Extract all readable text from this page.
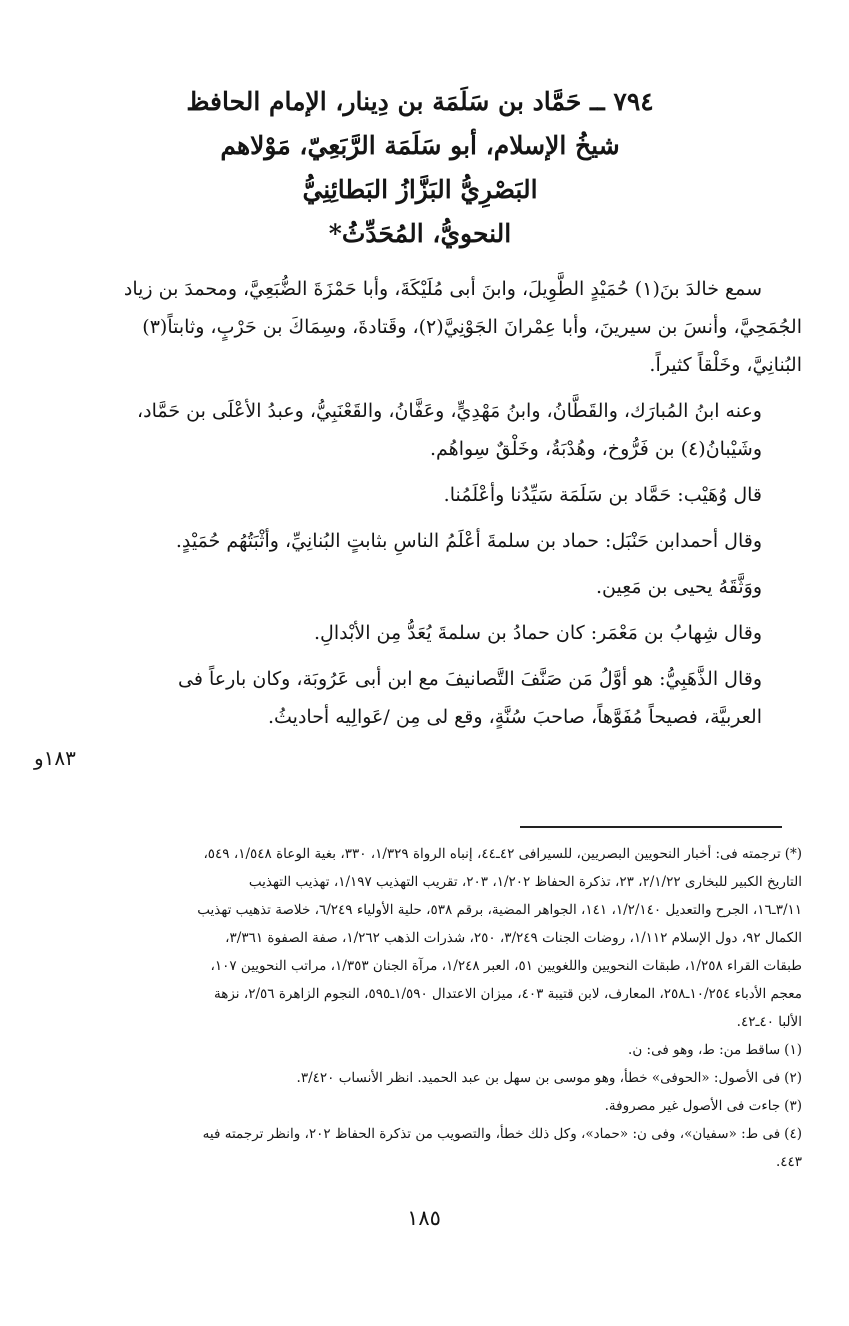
٧٩٤ ــ حَمَّاد بن سَلَمَة بن دِينار، الإمام الحافظ
شيخُ الإسلام، أبو سَلَمَة الرَّبَعِيّ، مَوْلاهم
البَصْرِيُّ البَزَّازُ البَطائِنِيُّ
النحويُّ، المُحَدِّثُ*
سمع خالدَ بنَ(١) حُمَيْدٍ الطَّوِيلَ، وابنَ أبى مُلَيْكَةَ، وأبا حَمْزَةَ الضُّبَعِيَّ، ومحمدَ بن زياد
الجُمَحِيَّ، وأنسَ بن سيرينَ، وأبا عِمْرانَ الجَوْنِيَّ(٢)، وقَتادةَ، وسِمَاكَ بن حَرْبٍ، وثابتاً(٣)
البُنانِيَّ، وخَلْقاً كثيراً.
وعنه ابنُ المُبارَك، والقَطَّانُ، وابنُ مَهْدِيٍّ، وعَفَّانُ، والقَعْنَبِيُّ، وعبدُ الأعْلَى بن حَمَّاد،
وشَيْبانُ(٤) بن فَرُّوخ، وهُدْبَةُ، وخَلْقٌ سِواهُم.
قال وُهَيْب: حَمَّاد بن سَلَمَة سَيِّدُنا وأعْلَمُنا.
وقال أحمدابن حَنْبَل: حماد بن سلمةَ أعْلَمُ الناسِ بثابتٍ البُنانِيِّ، وأثْبَتُهُم حُمَيْدٍ.
ووَثَّقَهُ يحيى بن مَعِين.
وقال شِهابُ بن مَعْمَر: كان حمادُ بن سلمةَ يُعَدُّ مِن الأبْدالِ.
وقال الذَّهَبِيُّ: هو أوَّلُ مَن صَنَّفَ التَّصانيفَ مع ابن أبى عَرُوبَة، وكان بارعاً فى
العربيَّة، فصيحاً مُفَوَّهاً، صاحبَ سُنَّةٍ، وقع لى مِن /عَوالِيه أحاديثُ.
١٨٣و
(*)ترجمته فى: أخبار النحويين البصريين، للسيرافى ٤٢ـ٤٤، إنباه الرواة ١/٣٢٩، ٣٣٠، بغية الوعاة ١/٥٤٨، ٥٤٩،
التاريخ الكبير للبخارى ٢/١/٢٢، ٢٣، تذكرة الحفاظ ١/٢٠٢، ٢٠٣، تقريب التهذيب ١/١٩٧، تهذيب التهذيب
٣/١١ـ١٦، الجرح والتعديل ١/٢/١٤٠، ١٤١، الجواهر المضية، برقم ٥٣٨، حلية الأولياء ٦/٢٤٩، خلاصة تذهيب تهذيب
الكمال ٩٢، دول الإسلام ١/١١٢، روضات الجنات ٣/٢٤٩، ٢٥٠، شذرات الذهب ١/٢٦٢، صفة الصفوة ٣/٣٦١،
طبقات القراء ١/٢٥٨، طبقات النحويين واللغويين ٥١، العبر ١/٢٤٨، مرآة الجنان ١/٣٥٣، مراتب النحويين ١٠٧،
معجم الأدباء ١٠/٢٥٤ـ٢٥٨، المعارف، لابن قتيبة ٤٠٣، ميزان الاعتدال ١/٥٩٠ـ٥٩٥، النجوم الزاهرة ٢/٥٦، نزهة
الألبا ٤٠ـ٤٢.
(١)ساقط من: ط، وهو فى: ن.
(٢)فى الأصول: «الحوفى» خطأ، وهو موسى بن سهل بن عبد الحميد. انظر الأنساب ٣/٤٢٠.
(٣)جاءت فى الأصول غير مصروفة.
(٤)فى ط: «سفيان»، وفى ن: «حماد»، وكل ذلك خطأ، والتصويب من تذكرة الحفاظ ٢٠٢، وانظر ترجمته فيه
٤٤٣.
١٨٥
